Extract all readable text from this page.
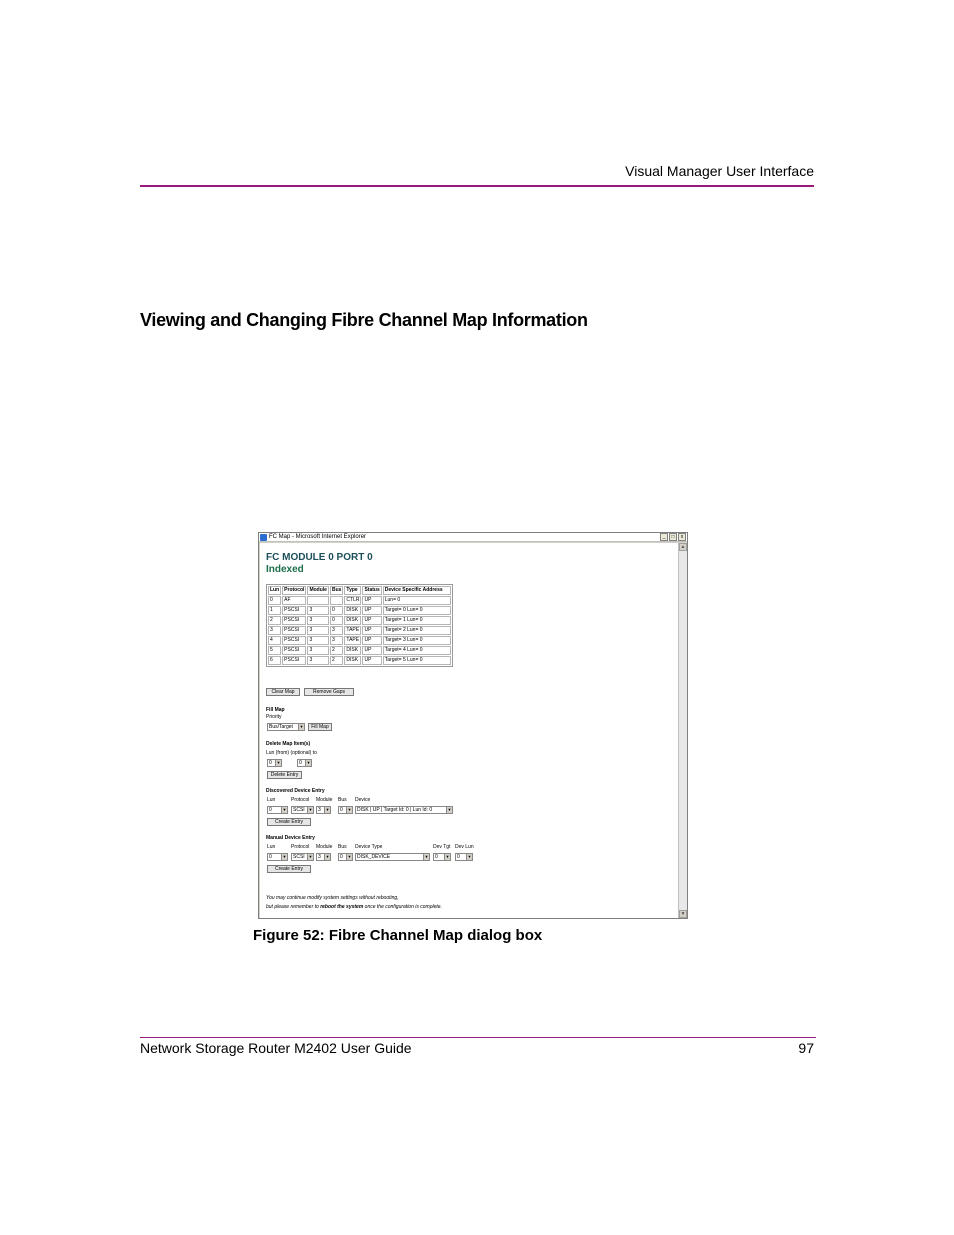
Visual Manager User Interface
Viewing and Changing Fibre Channel Map Information
FC Map - Microsoft Internet Explorer	_	□	x
FC MODULE 0 PORT 0
Indexed
Lun	Protocol	Module	Bus	Type	Status	Device Specific Address
0	AF			CTLR	UP	Lun= 0
1	PSCSI	3	0	DISK	UP	Target= 0 Lun= 0
2	PSCSI	3	0	DISK	UP	Target= 1 Lun= 0
3	PSCSI	3	3	TAPE	UP	Target= 2 Lun= 0
4	PSCSI	3	3	TAPE	UP	Target= 3 Lun= 0
5	PSCSI	3	2	DISK	UP	Target= 4 Lun= 0
6	PSCSI	3	2	DISK	UP	Target= 5 Lun= 0
Clear Map	Remove Gaps
Fill Map
Priority
Bus/Target	▼	Fill Map
Delete Map Item(s)
Lun (from) (optional) to
0	▼	0	▼
Delete Entry
Discovered Device Entry
Lun	Protocol Module Bus Device
0	▼	SCSI ▼	3	▼	0	▼	DISK | UP | Target Id: 0 | Lun Id: 0	▼
Create Entry
Manual Device Entry
Lun	Protocol Module Bus Device Type	Dev Tgt Dev Lun
0	▼	SCSI ▼	3	▼	0	▼	DISK_DEVICE	▼	0	▼	0	▼
Create Entry
You may continue modify system settings without rebooting,
but please remember to reboot the system once the configuration is complete.
▲
▼
Figure 52: Fibre Channel Map dialog box
Network Storage Router M2402 User Guide	97
